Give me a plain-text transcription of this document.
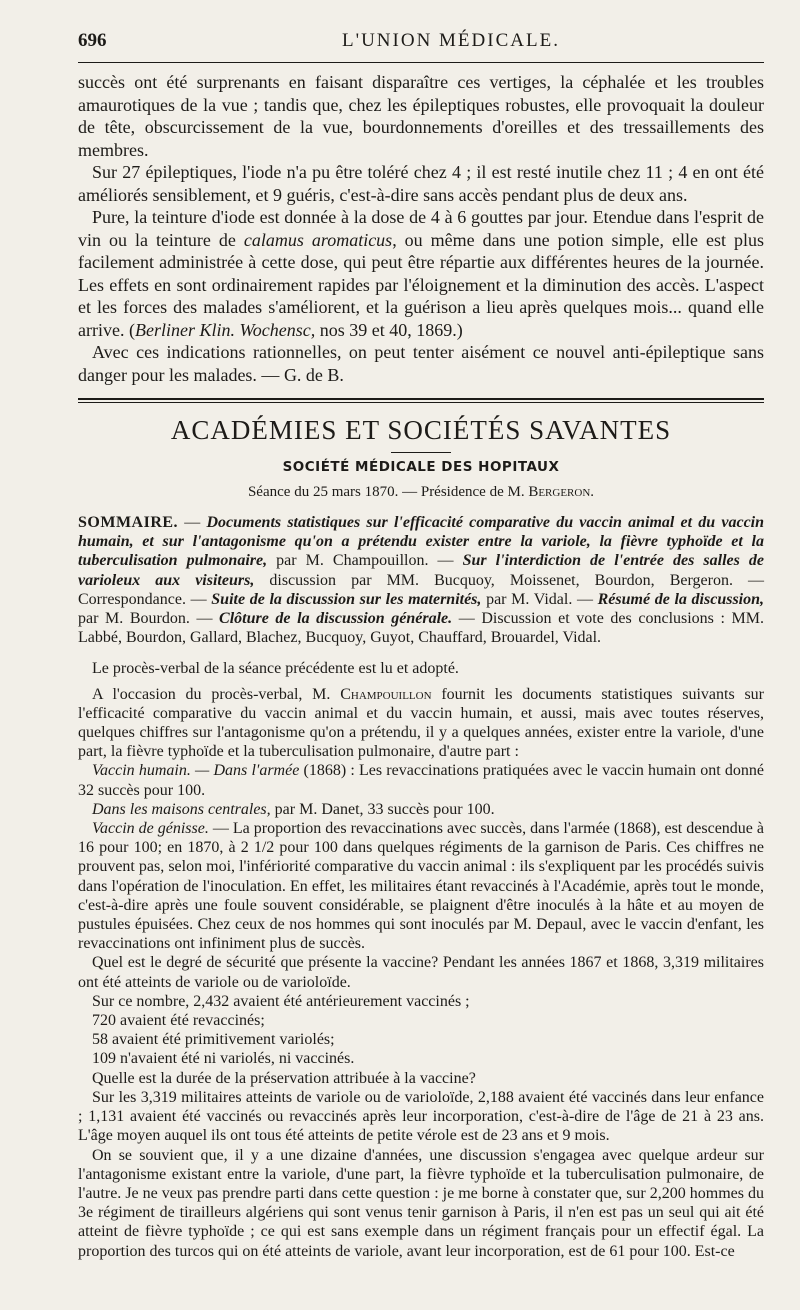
696	L'UNION MÉDICALE.

succès ont été surprenants en faisant disparaître ces vertiges, la céphalée et les troubles amaurotiques de la vue ; tandis que, chez les épileptiques robustes, elle provoquait la douleur de tête, obscurcissement de la vue, bourdonnements d'oreilles et des tressaillements des membres.

Sur 27 épileptiques, l'iode n'a pu être toléré chez 4 ; il est resté inutile chez 11 ; 4 en ont été améliorés sensiblement, et 9 guéris, c'est-à-dire sans accès pendant plus de deux ans.

Pure, la teinture d'iode est donnée à la dose de 4 à 6 gouttes par jour. Etendue dans l'esprit de vin ou la teinture de calamus aromaticus, ou même dans une potion simple, elle est plus facilement administrée à cette dose, qui peut être répartie aux différentes heures de la journée. Les effets en sont ordinairement rapides par l'éloignement et la diminution des accès. L'aspect et les forces des malades s'améliorent, et la guérison a lieu après quelques mois... quand elle arrive. (Berliner Klin. Wochensc, nos 39 et 40, 1869.)

Avec ces indications rationnelles, on peut tenter aisément ce nouvel anti-épileptique sans danger pour les malades. — G. de B.

ACADÉMIES ET SOCIÉTÉS SAVANTES
SOCIÉTÉ MÉDICALE DES HOPITAUX
Séance du 25 mars 1870. — Présidence de M. Bergeron.

SOMMAIRE. — Documents statistiques sur l'efficacité comparative du vaccin animal et du vaccin humain, et sur l'antagonisme qu'on a prétendu exister entre la variole, la fièvre typhoïde et la tuberculisation pulmonaire, par M. Champouillon. — Sur l'interdiction de l'entrée des salles de varioleux aux visiteurs, discussion par MM. Bucquoy, Moissenet, Bourdon, Bergeron. — Correspondance. — Suite de la discussion sur les maternités, par M. Vidal. — Résumé de la discussion, par M. Bourdon. — Clôture de la discussion générale. — Discussion et vote des conclusions : MM. Labbé, Bourdon, Gallard, Blachez, Bucquoy, Guyot, Chauffard, Brouardel, Vidal.

Le procès-verbal de la séance précédente est lu et adopté.

A l'occasion du procès-verbal, M. Champouillon fournit les documents statistiques suivants sur l'efficacité comparative du vaccin animal et du vaccin humain, et aussi, mais avec toutes réserves, quelques chiffres sur l'antagonisme qu'on a prétendu, il y a quelques années, exister entre la variole, d'une part, la fièvre typhoïde et la tuberculisation pulmonaire, d'autre part :

Vaccin humain. — Dans l'armée (1868) : Les revaccinations pratiquées avec le vaccin humain ont donné 32 succès pour 100.

Dans les maisons centrales, par M. Danet, 33 succès pour 100.

Vaccin de génisse. — La proportion des revaccinations avec succès, dans l'armée (1868), est descendue à 16 pour 100; en 1870, à 2 1/2 pour 100 dans quelques régiments de la garnison de Paris. Ces chiffres ne prouvent pas, selon moi, l'infériorité comparative du vaccin animal : ils s'expliquent par les procédés suivis dans l'opération de l'inoculation. En effet, les militaires étant revaccinés à l'Académie, après tout le monde, c'est-à-dire après une foule souvent considérable, se plaignent d'être inoculés à la hâte et au moyen de pustules épuisées. Chez ceux de nos hommes qui sont inoculés par M. Depaul, avec le vaccin d'enfant, les revaccinations ont infiniment plus de succès.

Quel est le degré de sécurité que présente la vaccine? Pendant les années 1867 et 1868, 3,319 militaires ont été atteints de variole ou de varioloïde.

Sur ce nombre, 2,432 avaient été antérieurement vaccinés ;

720 avaient été revaccinés;

58 avaient été primitivement variolés;

109 n'avaient été ni variolés, ni vaccinés.

Quelle est la durée de la préservation attribuée à la vaccine?

Sur les 3,319 militaires atteints de variole ou de varioloïde, 2,188 avaient été vaccinés dans leur enfance ; 1,131 avaient été vaccinés ou revaccinés après leur incorporation, c'est-à-dire de l'âge de 21 à 23 ans. L'âge moyen auquel ils ont tous été atteints de petite vérole est de 23 ans et 9 mois.

On se souvient que, il y a une dizaine d'années, une discussion s'engagea avec quelque ardeur sur l'antagonisme existant entre la variole, d'une part, la fièvre typhoïde et la tuberculisation pulmonaire, de l'autre. Je ne veux pas prendre parti dans cette question : je me borne à constater que, sur 2,200 hommes du 3e régiment de tirailleurs algériens qui sont venus tenir garnison à Paris, il n'en est pas un seul qui ait été atteint de fièvre typhoïde ; ce qui est sans exemple dans un régiment français pour un effectif égal. La proportion des turcos qui on été atteints de variole, avant leur incorporation, est de 61 pour 100. Est-ce
